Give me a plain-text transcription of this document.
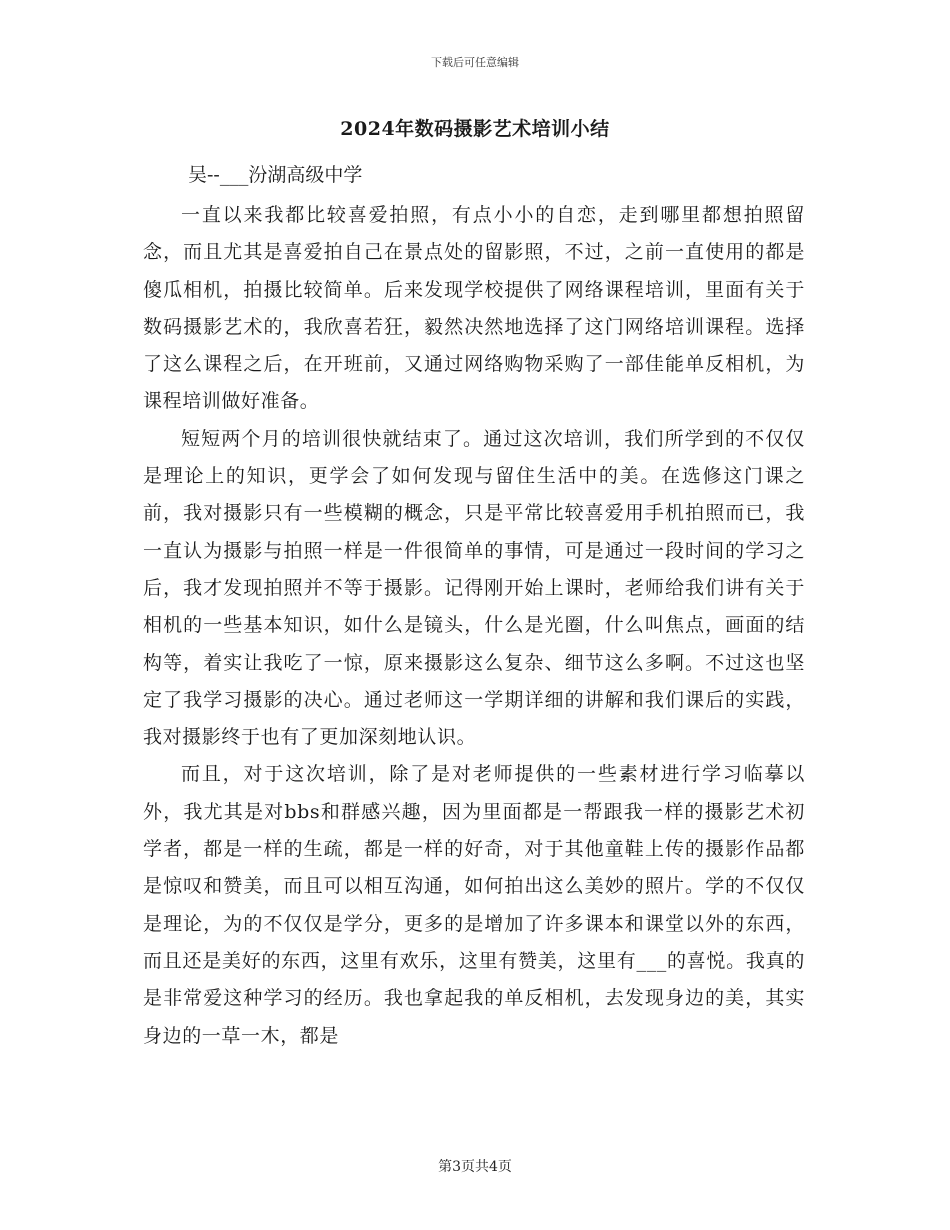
下载后可任意编辑
2024年数码摄影艺术培训小结
吴--___汾湖高级中学

一直以来我都比较喜爱拍照，有点小小的自恋，走到哪里都想拍照留念，而且尤其是喜爱拍自己在景点处的留影照，不过，之前一直使用的都是傻瓜相机，拍摄比较简单。后来发现学校提供了网络课程培训，里面有关于数码摄影艺术的，我欣喜若狂，毅然决然地选择了这门网络培训课程。选择了这么课程之后，在开班前，又通过网络购物采购了一部佳能单反相机，为课程培训做好准备。

短短两个月的培训很快就结束了。通过这次培训，我们所学到的不仅仅是理论上的知识，更学会了如何发现与留住生活中的美。在选修这门课之前，我对摄影只有一些模糊的概念，只是平常比较喜爱用手机拍照而已，我一直认为摄影与拍照一样是一件很简单的事情，可是通过一段时间的学习之后，我才发现拍照并不等于摄影。记得刚开始上课时，老师给我们讲有关于相机的一些基本知识，如什么是镜头，什么是光圈，什么叫焦点，画面的结构等，着实让我吃了一惊，原来摄影这么复杂、细节这么多啊。不过这也坚定了我学习摄影的决心。通过老师这一学期详细的讲解和我们课后的实践，我对摄影终于也有了更加深刻地认识。

而且，对于这次培训，除了是对老师提供的一些素材进行学习临摹以外，我尤其是对bbs和群感兴趣，因为里面都是一帮跟我一样的摄影艺术初学者，都是一样的生疏，都是一样的好奇，对于其他童鞋上传的摄影作品都是惊叹和赞美，而且可以相互沟通，如何拍出这么美妙的照片。学的不仅仅是理论，为的不仅仅是学分，更多的是增加了许多课本和课堂以外的东西，而且还是美好的东西，这里有欢乐，这里有赞美，这里有___的喜悦。我真的是非常爱这种学习的经历。我也拿起我的单反相机，去发现身边的美，其实身边的一草一木，都是

第3页共4页
